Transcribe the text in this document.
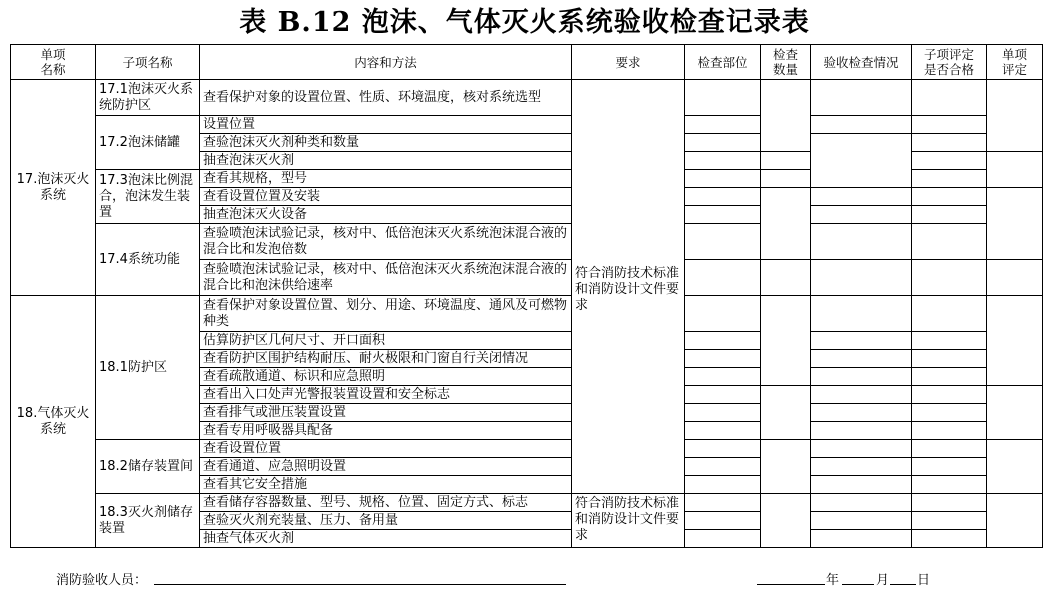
表 B.12 泡沫、气体灭火系统验收检查记录表
单项
名称	子项名称	内容和方法	要求	检查部位	检查
数量	验收检查情况	子项评定
是否合格	单项
评定	
17.泡沫灭火系统	17.1泡沫灭火系统防护区	查看保护对象的设置位置、性质、环境温度，核对系统选型	符合消防技术标准和消防设计文件要求						

	17.2泡沫储罐	设置位置							
		查验泡沫灭火剂种类和数量							
		抽查泡沫灭火剂							
	17.3泡沫比例混合，泡沫发生装置	查看其规格，型号							
		查看设置位置及安装							
		抽查泡沫灭火设备							
	17.4系统功能	查验喷泡沫试验记录，核对中、低倍泡沫灭火系统泡沫混合液的混合比和发泡倍数							
		查验喷泡沫试验记录，核对中、低倍泡沫灭火系统泡沫混合液的混合比和泡沫供给速率							
18.气体灭火系统	18.1防护区	查看保护对象设置位置、划分、用途、环境温度、通风及可燃物种类							
		估算防护区几何尺寸、开口面积							
		查看防护区围护结构耐压、耐火极限和门窗自行关闭情况							
		查看疏散通道、标识和应急照明							
		查看出入口处声光警报装置设置和安全标志							
		查看排气或泄压装置设置							
		查看专用呼吸器具配备							
	18.2储存装置间	查看设置位置							
		查看通道、应急照明设置							
		查看其它安全措施							
	18.3灭火剂储存装置	查看储存容器数量、型号、规格、位置、固定方式、标志	符合消防技术标准和消防设计文件要求						

		查验灭火剂充装量、压力、备用量							
		抽查气体灭火剂							
消防验收人员：	年	月 日
